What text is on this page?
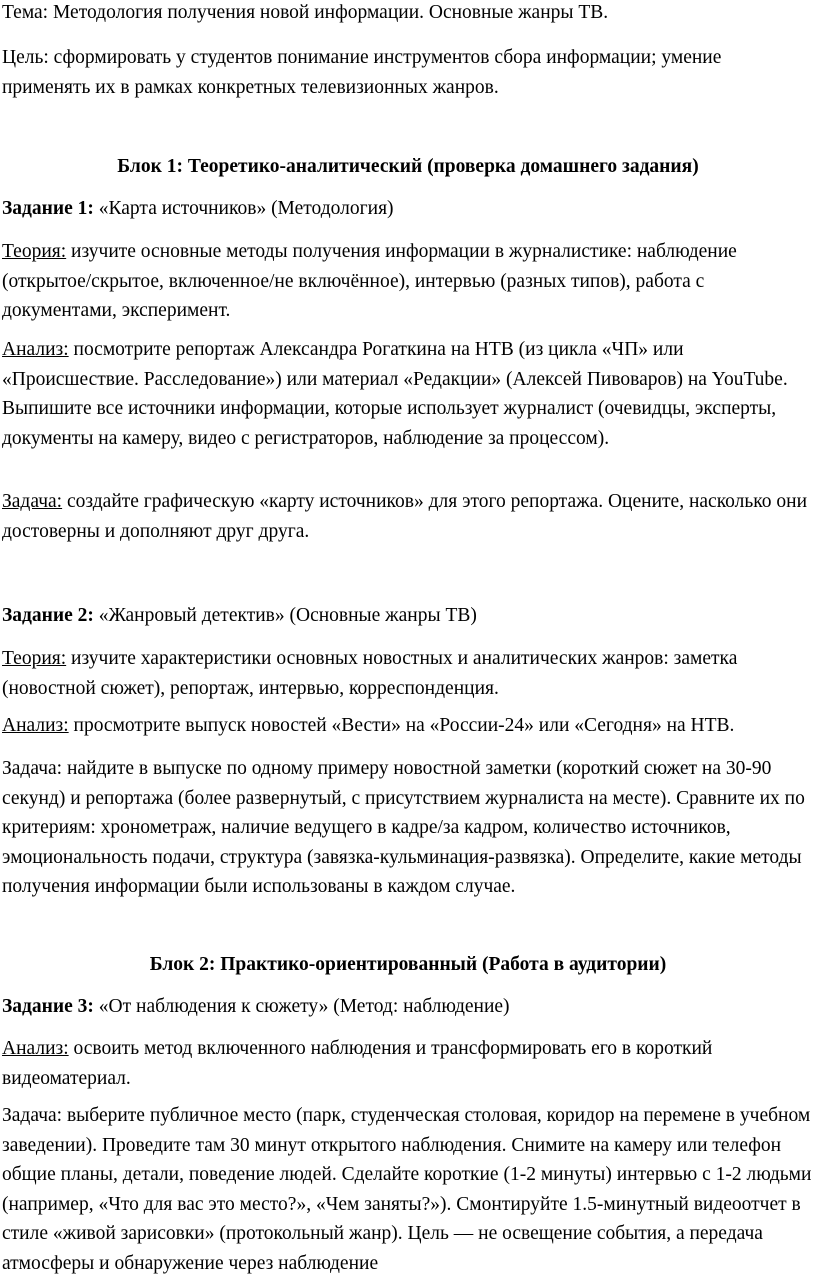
Тема: Методология получения новой информации. Основные жанры ТВ.

Цель: сформировать у студентов понимание инструментов сбора информации; умение применять их в рамках конкретных телевизионных жанров.

Блок 1: Теоретико-аналитический (проверка домашнего задания)

Задание 1: «Карта источников» (Методология)

Теория: изучите основные методы получения информации в журналистике: наблюдение (открытое/скрытое, включенное/не включённое), интервью (разных типов), работа с документами, эксперимент.

Анализ: посмотрите репортаж Александра Рогаткина на НТВ (из цикла «ЧП» или «Происшествие. Расследование») или материал «Редакции» (Алексей Пивоваров) на YouTube. Выпишите все источники информации, которые использует журналист (очевидцы, эксперты, документы на камеру, видео с регистраторов, наблюдение за процессом).

Задача: создайте графическую «карту источников» для этого репортажа. Оцените, насколько они достоверны и дополняют друг друга.

Задание 2: «Жанровый детектив» (Основные жанры ТВ)

Теория: изучите характеристики основных новостных и аналитических жанров: заметка (новостной сюжет), репортаж, интервью, корреспонденция.

Анализ: просмотрите выпуск новостей «Вести» на «России-24» или «Сегодня» на НТВ.

Задача: найдите в выпуске по одному примеру новостной заметки (короткий сюжет на 30-90 секунд) и репортажа (более развернутый, с присутствием журналиста на месте). Сравните их по критериям: хронометраж, наличие ведущего в кадре/за кадром, количество источников, эмоциональность подачи, структура (завязка-кульминация-развязка). Определите, какие методы получения информации были использованы в каждом случае.

Блок 2: Практико-ориентированный (Работа в аудитории)

Задание 3: «От наблюдения к сюжету» (Метод: наблюдение)

Анализ: освоить метод включенного наблюдения и трансформировать его в короткий видеоматериал.

Задача: выберите публичное место (парк, студенческая столовая, коридор на перемене в учебном заведении). Проведите там 30 минут открытого наблюдения. Снимите на камеру или телефон общие планы, детали, поведение людей. Сделайте короткие (1-2 минуты) интервью с 1-2 людьми (например, «Что для вас это место?», «Чем заняты?»). Смонтируйте 1.5-минутный видеоотчет в стиле «живой зарисовки» (протокольный жанр). Цель — не освещение события, а передача атмосферы и обнаружение через наблюдение
